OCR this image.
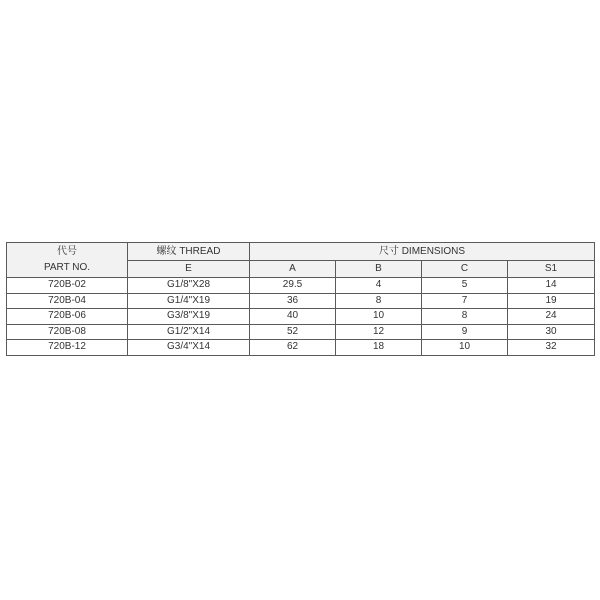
代号
PART NO.	螺纹 THREAD	尺寸 DIMENSIONS			
	E	A	B	C	S1
720B-02	G1/8"X28	29.5	4	5	14
720B-04	G1/4"X19	36	8	7	19
720B-06	G3/8"X19	40	10	8	24
720B-08	G1/2"X14	52	12	9	30
720B-12	G3/4"X14	62	18	10	32
